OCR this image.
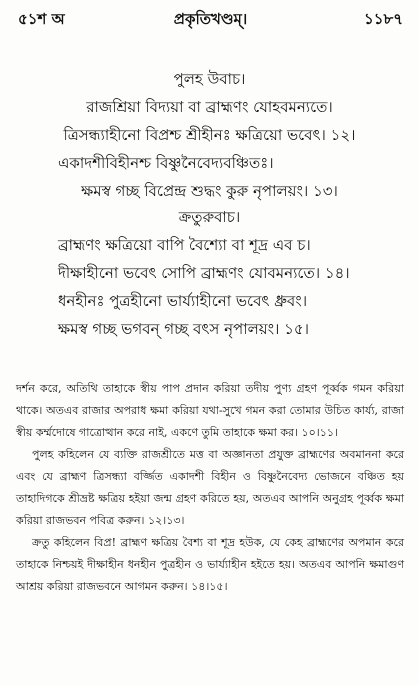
৫১শ অ	প্রকৃতিখণ্ডম্।	১১৮৭
পুলহ উবাচ।
রাজশ্রিয়া বিদ্যয়া বা ব্রাহ্মণং যোহবমন্যতে।
ত্রিসন্ধ্যাহীনো বিপ্রশ্চ শ্রীহীনঃ ক্ষত্রিয়ো ভবেৎ। ১২।
একাদশীবিহীনশ্চ বিষ্ণুনৈবেদ্যবঞ্চিতঃ।
ক্ষমস্ব গচ্ছ বিপ্রেন্দ্র শুদ্ধং কুরু নৃপালয়ং। ১৩।
ক্রতুরুবাচ।
ব্রাহ্মণং ক্ষত্রিয়ো বাপি বৈশ্যো বা শূদ্র এব চ।
দীক্ষাহীনো ভবেৎ সোপি ব্রাহ্মণং যোবমন্যতে। ১৪।
ধনহীনঃ পুত্রহীনো ভার্য্যাহীনো ভবেৎ ধ্রুবং।
ক্ষমস্ব গচ্ছ ভগবন্ গচ্ছ বৎস নৃপালয়ং। ১৫।

দর্শন করে, অতিথি তাহাকে স্বীয় পাপ প্রদান করিয়া তদীয় পুণ্য গ্রহণ পূর্ব্বক গমন করিয়া থাকে। অতএব রাজার অপরাধ ক্ষমা করিয়া যথা-সুখে গমন করা তোমার উচিত কার্য্য, রাজা স্বীয় কর্ম্মদোষে গাত্রোত্থান করে নাই, একণে তুমি তাহাকে ক্ষমা কর। ১০।১১।

পুলহ কহিলেন যে ব্যক্তি রাজশ্রীতে মত্ত বা অজ্ঞানতা প্রযুক্ত ব্রাহ্মণের অবমাননা করে এবং যে ব্রাহ্মণ ত্রিসন্ধ্যা বর্জ্জিত একাদশী বিহীন ও বিষ্ণুনৈবেদ্য ভোজনে বঞ্চিত হয় তাহাদিগকে শ্রীভ্রষ্ট ক্ষত্রিয় হইয়া জন্ম গ্রহণ করিতে হয়, অতএব আপনি অনুগ্রহ পূর্ব্বক ক্ষমা করিয়া রাজভবন পবিত্র করুন। ১২।১৩।

ক্রতু কহিলেন বিপ্র! ব্রাহ্মণ ক্ষত্রিয় বৈশ্য বা শূদ্র হউক, যে কেহ ব্রাহ্মণের অপমান করে তাহাকে নিশ্চয়ই দীক্ষাহীন ধনহীন পুত্রহীন ও ভার্য্যাহীন হইতে হয়। অতএব আপনি ক্ষমাগুণ আশ্রয় করিয়া রাজভবনে আগমন করুন। ১৪।১৫।
